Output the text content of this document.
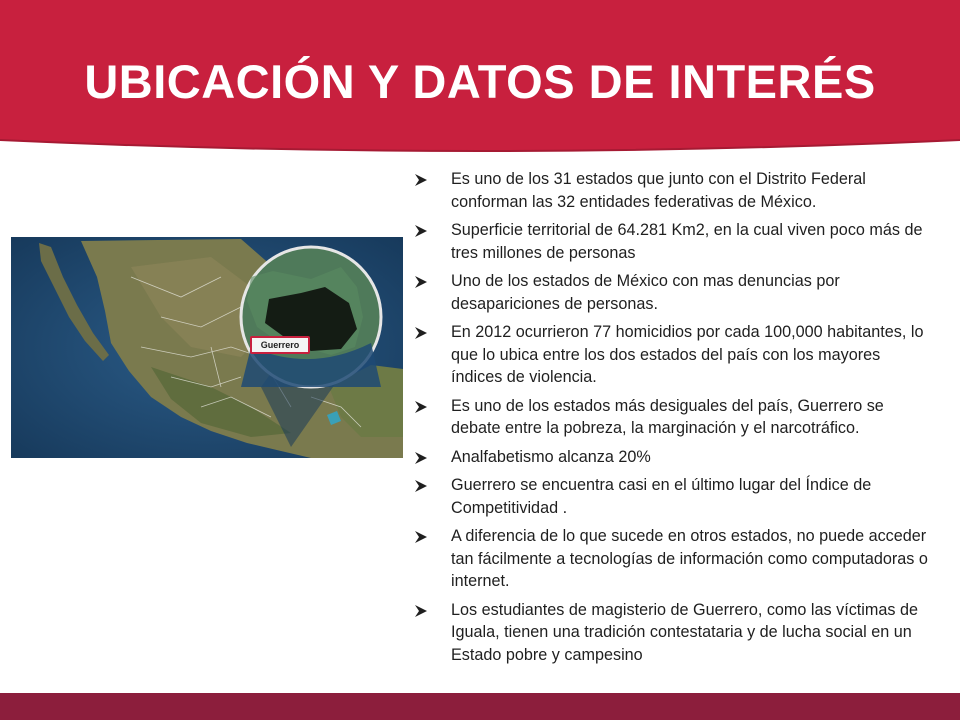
UBICACIÓN Y DATOS DE INTERÉS
Guerrero
Es uno de los 31 estados que junto con el Distrito Federal conforman las 32 entidades federativas de México.
Superficie territorial de 64.281 Km2, en la cual viven poco más de tres millones de personas
Uno de los estados de México con mas denuncias por desapariciones de personas.
En 2012 ocurrieron 77 homicidios por cada 100,000 habitantes, lo que lo ubica entre los dos estados del país con los mayores índices de violencia.
Es uno de los estados más desiguales del país, Guerrero se debate entre la pobreza, la marginación y el narcotráfico.
Analfabetismo alcanza 20%
Guerrero se encuentra casi en el último lugar del Índice de Competitividad .
A diferencia de lo que sucede en otros estados, no puede acceder tan fácilmente a tecnologías de información como computadoras o internet.
Los estudiantes de magisterio de Guerrero, como las víctimas de Iguala, tienen una tradición contestataria y de lucha social en un Estado pobre y campesino
